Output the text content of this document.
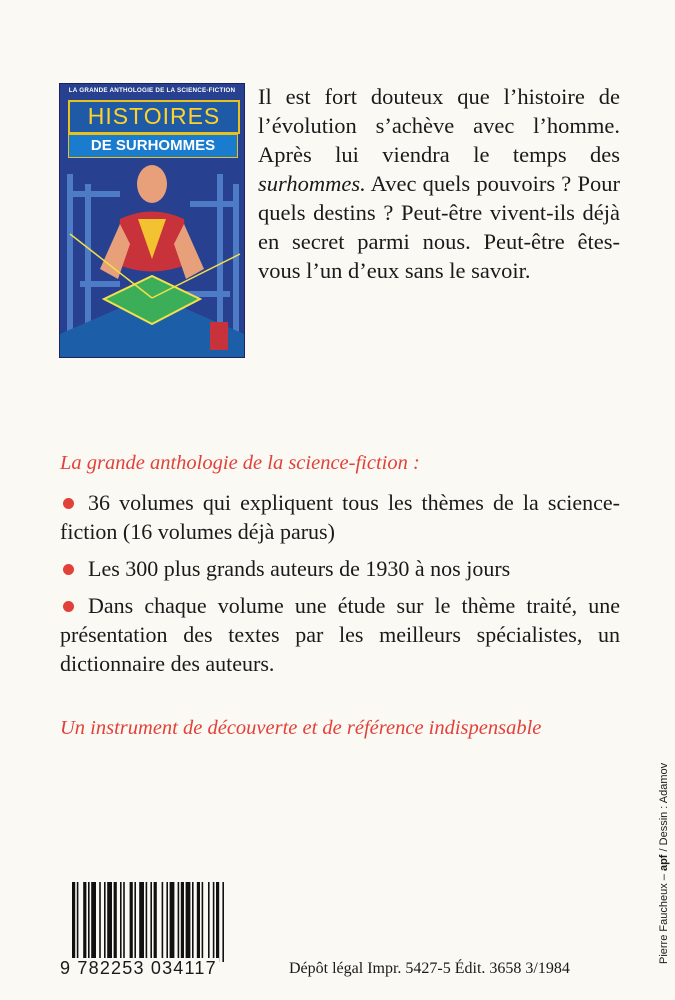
LA GRANDE ANTHOLOGIE DE LA SCIENCE-FICTION
HISTOIRES
DE SURHOMMES

Il est fort douteux que l’histoire de l’évolution s’achève avec l’homme. Après lui viendra le temps des surhommes. Avec quels pouvoirs ? Pour quels destins ? Peut-être vivent-ils déjà en secret parmi nous. Peut-être êtes-vous l’un d’eux sans le savoir.

La grande anthologie de la science-fiction :
36 volumes qui expliquent tous les thèmes de la science-fiction (16 volumes déjà parus)
Les 300 plus grands auteurs de 1930 à nos jours
Dans chaque volume une étude sur le thème traité, une présentation des textes par les meilleurs spécialistes, un dictionnaire des auteurs.
Un instrument de découverte et de référence indispensable
9 782253 034117	Dépôt légal Impr. 5427-5 Édit. 3658 3/1984
Pierre Faucheux – apf / Dessin : Adamov
